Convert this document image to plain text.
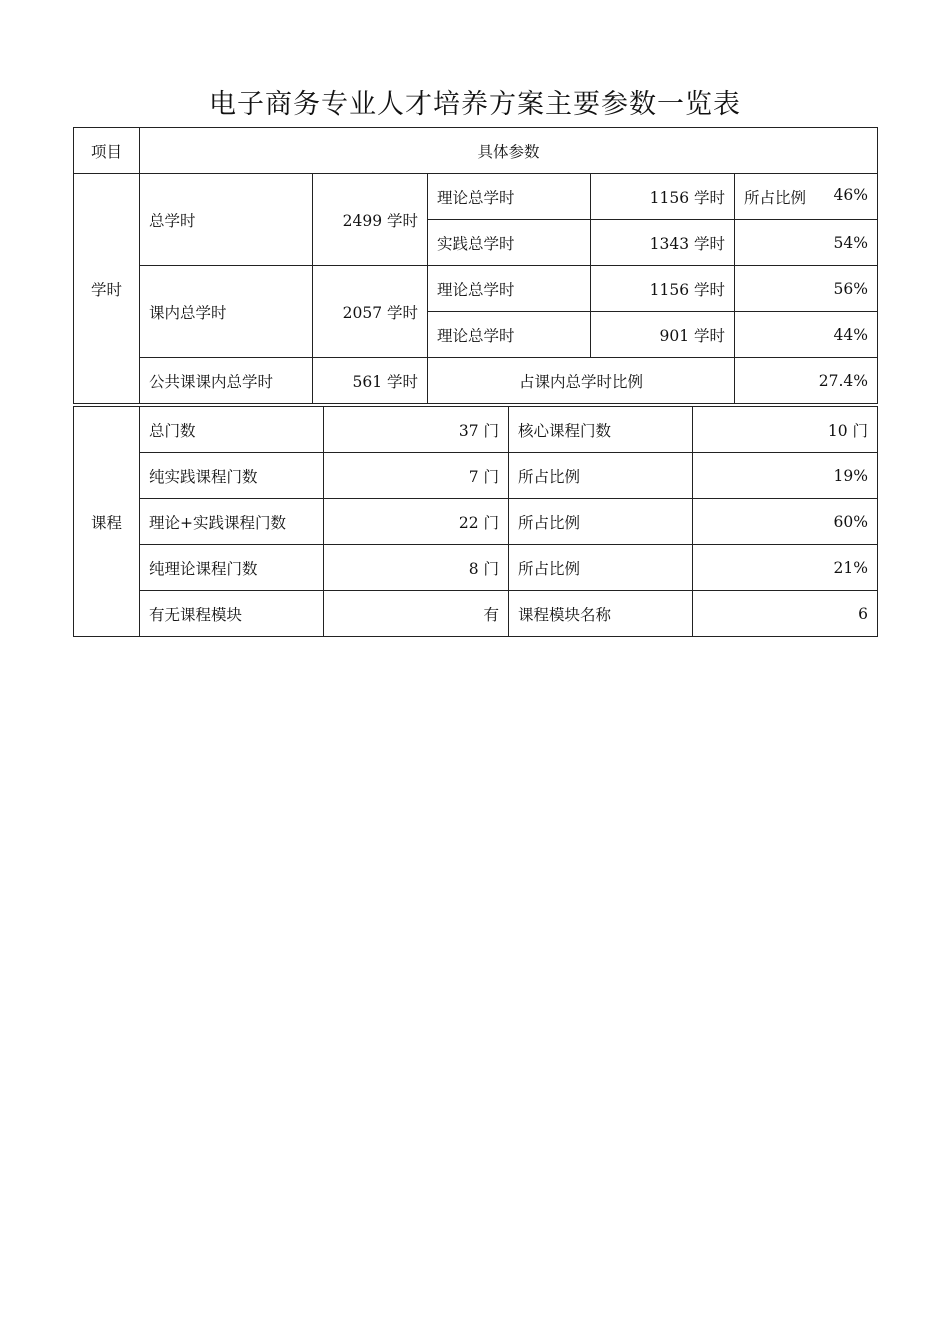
电子商务专业人才培养方案主要参数一览表
项目	具体参数				
学时	总学时	2499 学时	理论总学时	1156 学时	所占比例 46%

			实践总学时	1343 学时	54%
	课内总学时	2057 学时	理论总学时	1156 学时	56%
			理论总学时	901 学时	44%
	公共课课内总学时	561 学时	占课内总学时比例		27.4%
课程	总门数	37 门	核心课程门数	10 门
	纯实践课程门数	7 门	所占比例	19%
	理论+实践课程门数	22 门	所占比例	60%
	纯理论课程门数	8 门	所占比例	21%
	有无课程模块	有	课程模块名称	6
